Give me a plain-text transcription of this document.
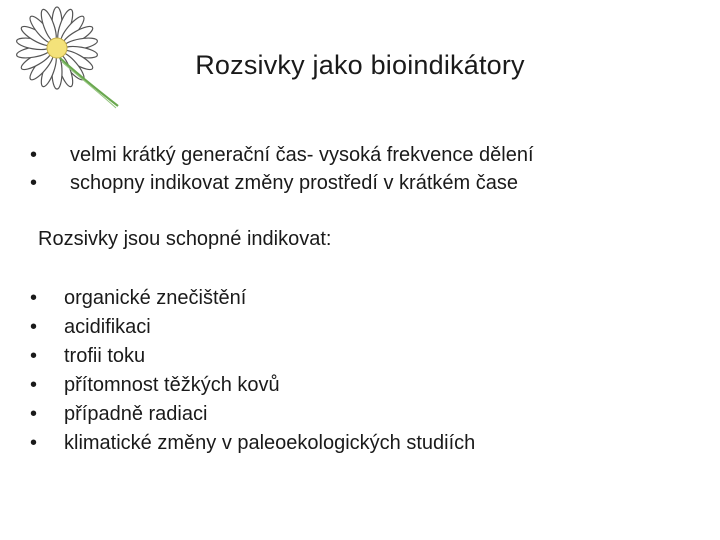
Rozsivky jako bioindikátory
• velmi krátký generační čas- vysoká frekvence dělení
• schopny indikovat změny prostředí v krátkém čase
Rozsivky jsou schopné indikovat:
• organické znečištění
• acidifikaci
• trofii toku
• přítomnost těžkých kovů
• případně radiaci
• klimatické změny v paleoekologických studiích
